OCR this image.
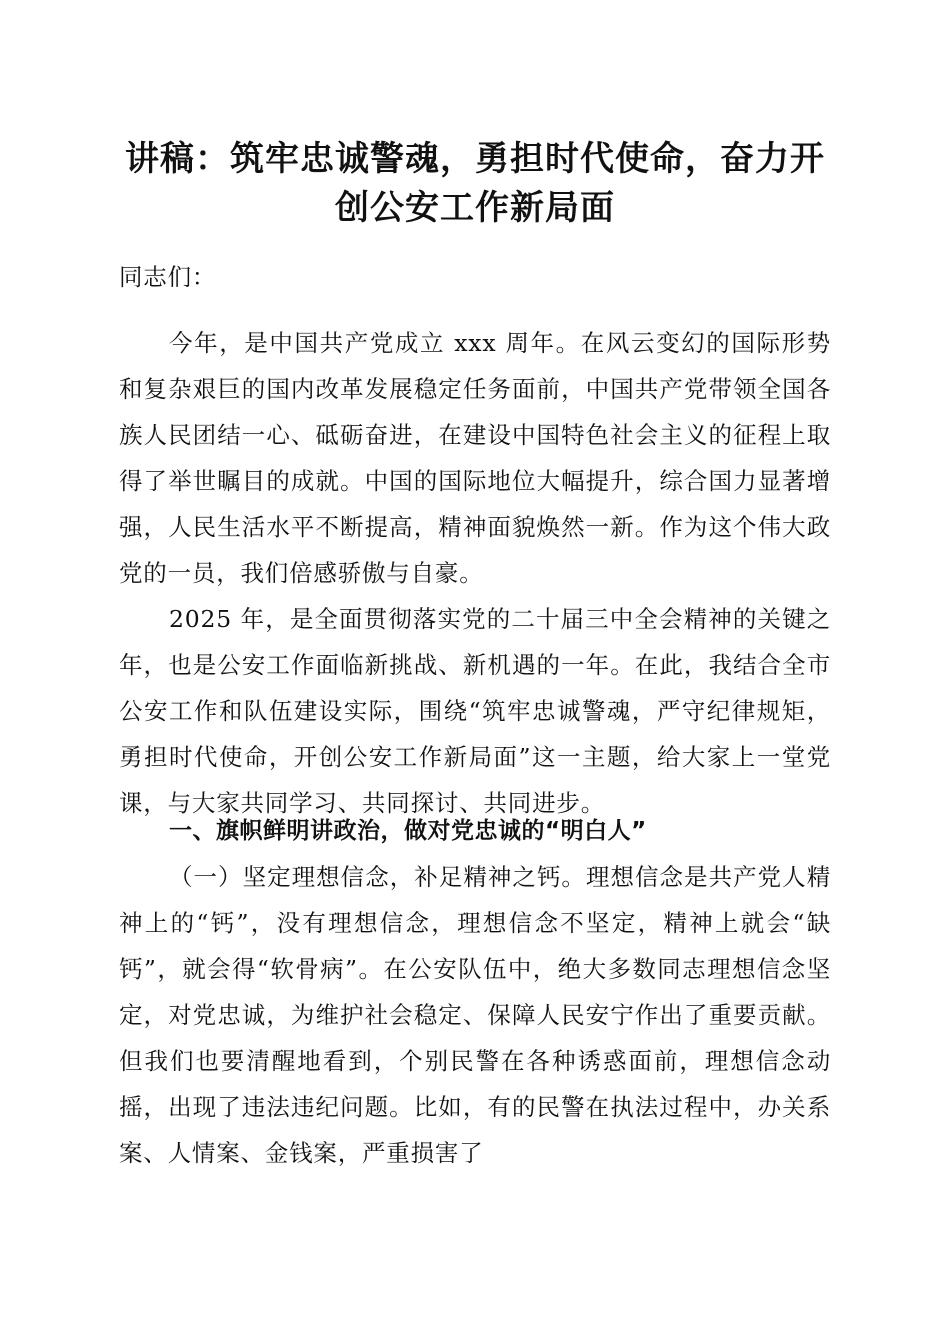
讲稿：筑牢忠诚警魂，勇担时代使命，奋力开
创公安工作新局面
同志们：
今年，是中国共产党成立 xxx 周年。在风云变幻的国际形势和复杂艰巨的国内改革发展稳定任务面前，中国共产党带领全国各族人民团结一心、砥砺奋进，在建设中国特色社会主义的征程上取得了举世瞩目的成就。中国的国际地位大幅提升，综合国力显著增强，人民生活水平不断提高，精神面貌焕然一新。作为这个伟大政党的一员，我们倍感骄傲与自豪。
2025 年，是全面贯彻落实党的二十届三中全会精神的关键之年，也是公安工作面临新挑战、新机遇的一年。在此，我结合全市公安工作和队伍建设实际，围绕“筑牢忠诚警魂，严守纪律规矩，勇担时代使命，开创公安工作新局面”这一主题，给大家上一堂党课，与大家共同学习、共同探讨、共同进步。
一、旗帜鲜明讲政治，做对党忠诚的“明白人”
（一）坚定理想信念，补足精神之钙。理想信念是共产党人精神上的“钙”，没有理想信念，理想信念不坚定，精神上就会“缺钙”，就会得“软骨病”。在公安队伍中，绝大多数同志理想信念坚定，对党忠诚，为维护社会稳定、保障人民安宁作出了重要贡献。但我们也要清醒地看到，个别民警在各种诱惑面前，理想信念动摇，出现了违法违纪问题。比如，有的民警在执法过程中，办关系案、人情案、金钱案，严重损害了
